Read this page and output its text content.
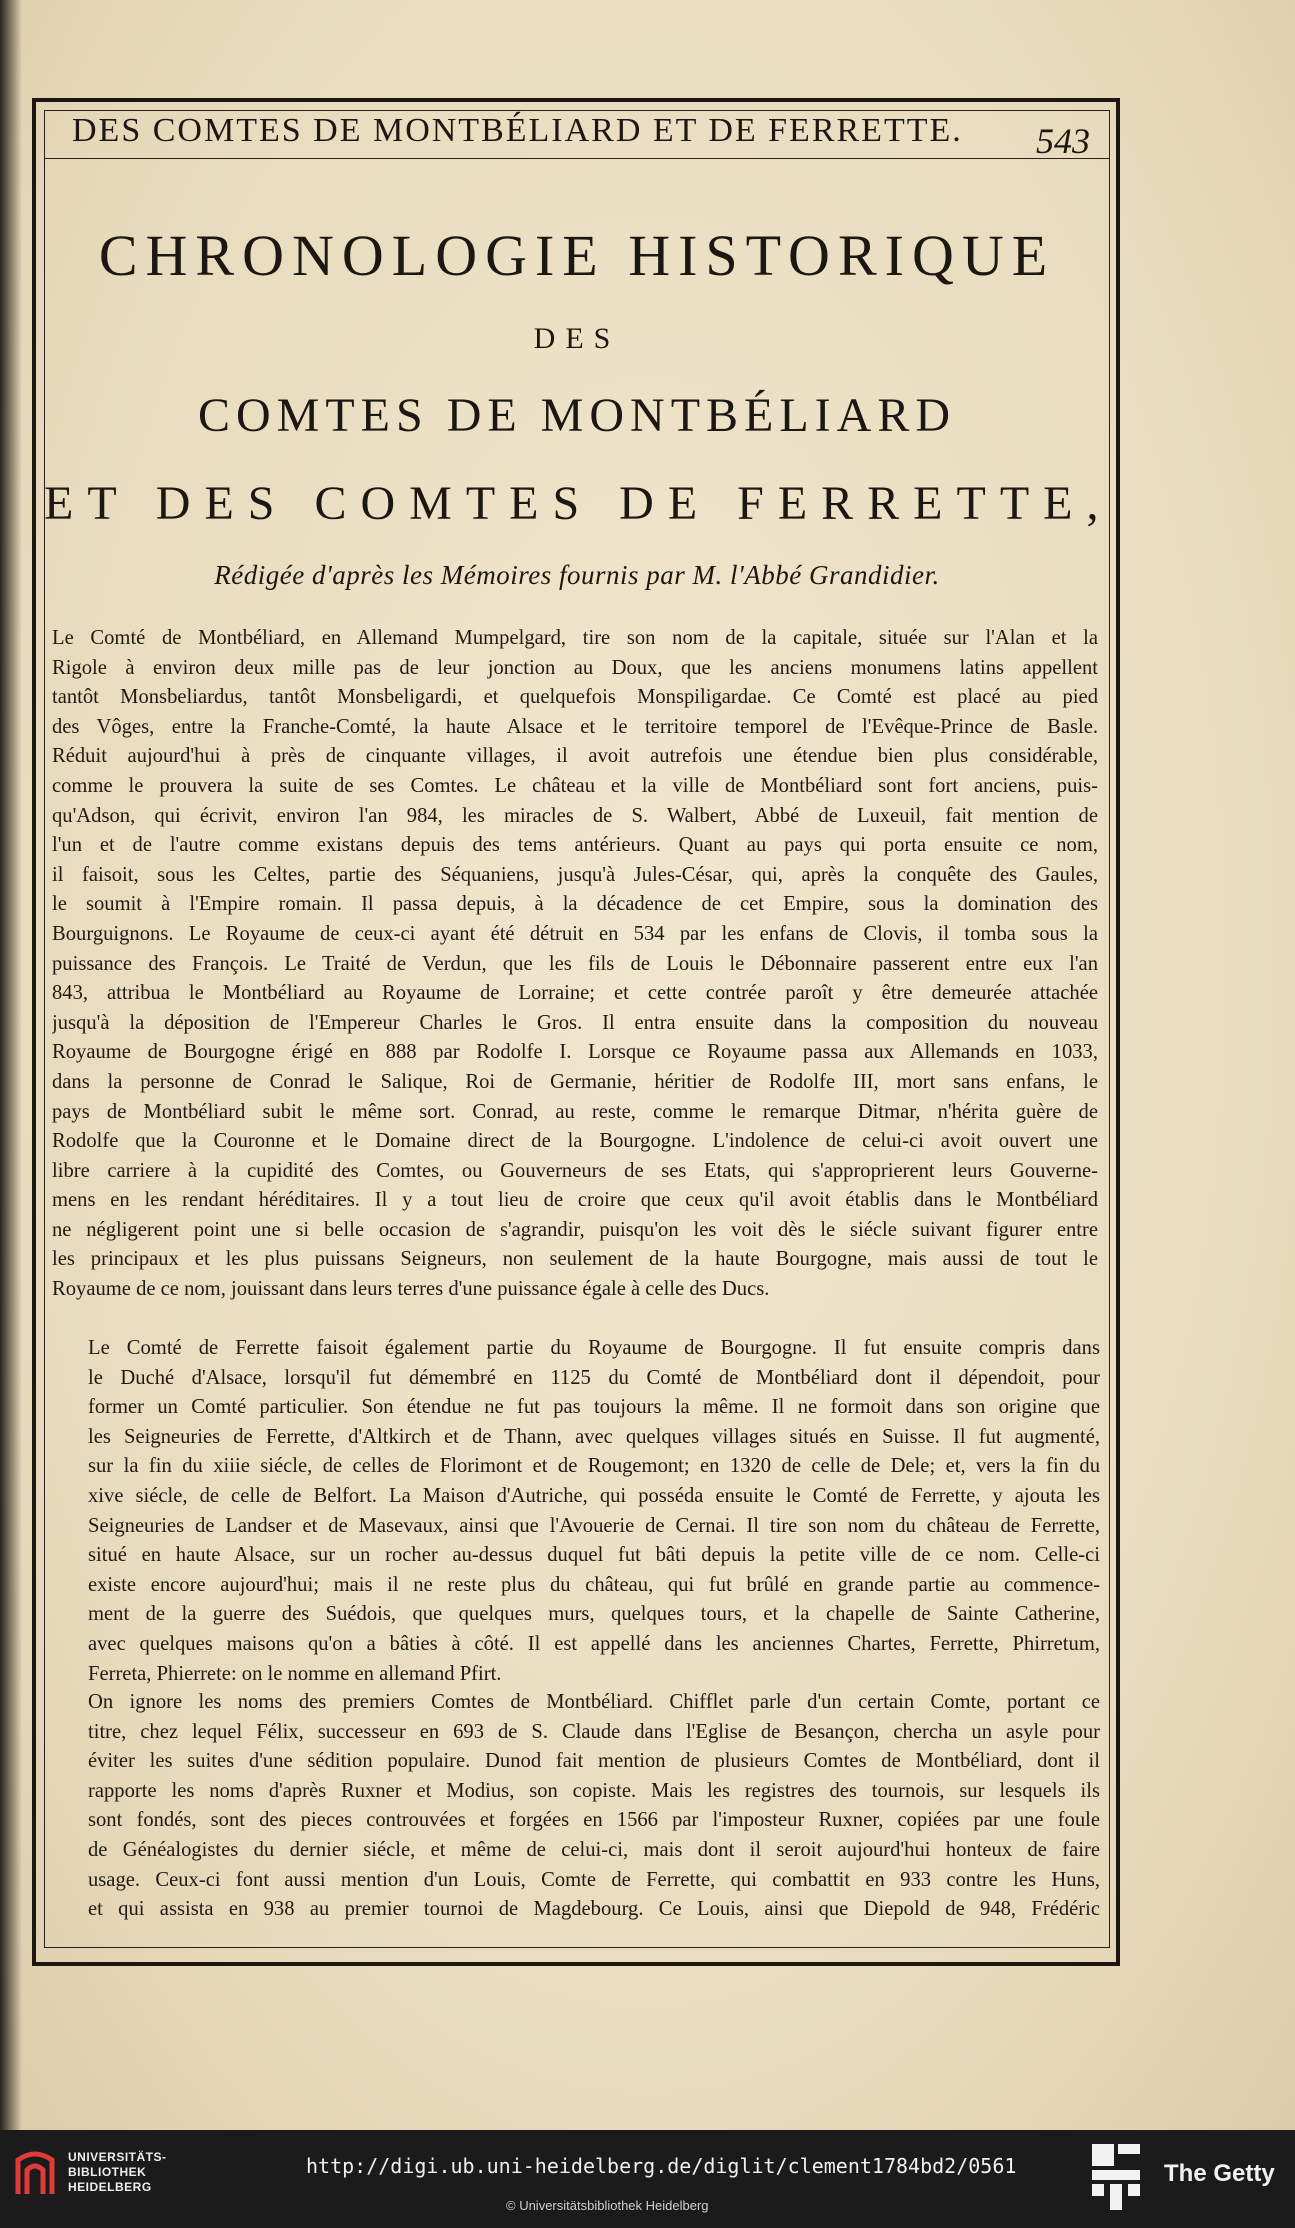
DES COMTES DE MONTBÉLIARD ET DE FERRETTE.	543
CHRONOLOGIE HISTORIQUE
DES
COMTES DE MONTBÉLIARD
ET DES COMTES DE FERRETTE,
Rédigée d'après les Mémoires fournis par M. l'Abbé Grandidier.
Le Comté de Montbéliard, en Allemand Mumpelgard, tire son nom de la capitale, située sur l'Alan et la
Rigole à environ deux mille pas de leur jonction au Doux, que les anciens monumens latins appellent
tantôt Monsbeliardus, tantôt Monsbeligardi, et quelquefois Monspiligardae. Ce Comté est placé au pied
des Vôges, entre la Franche-Comté, la haute Alsace et le territoire temporel de l'Evêque-Prince de Basle.
Réduit aujourd'hui à près de cinquante villages, il avoit autrefois une étendue bien plus considérable,
comme le prouvera la suite de ses Comtes. Le château et la ville de Montbéliard sont fort anciens, puis-
qu'Adson, qui écrivit, environ l'an 984, les miracles de S. Walbert, Abbé de Luxeuil, fait mention de
l'un et de l'autre comme existans depuis des tems antérieurs. Quant au pays qui porta ensuite ce nom,
il faisoit, sous les Celtes, partie des Séquaniens, jusqu'à Jules-César, qui, après la conquête des Gaules,
le soumit à l'Empire romain. Il passa depuis, à la décadence de cet Empire, sous la domination des
Bourguignons. Le Royaume de ceux-ci ayant été détruit en 534 par les enfans de Clovis, il tomba sous la
puissance des François. Le Traité de Verdun, que les fils de Louis le Débonnaire passerent entre eux l'an
843, attribua le Montbéliard au Royaume de Lorraine; et cette contrée paroît y être demeurée attachée
jusqu'à la déposition de l'Empereur Charles le Gros. Il entra ensuite dans la composition du nouveau
Royaume de Bourgogne érigé en 888 par Rodolfe I. Lorsque ce Royaume passa aux Allemands en 1033,
dans la personne de Conrad le Salique, Roi de Germanie, héritier de Rodolfe III, mort sans enfans, le
pays de Montbéliard subit le même sort. Conrad, au reste, comme le remarque Ditmar, n'hérita guère de
Rodolfe que la Couronne et le Domaine direct de la Bourgogne. L'indolence de celui-ci avoit ouvert une
libre carriere à la cupidité des Comtes, ou Gouverneurs de ses Etats, qui s'approprierent leurs Gouverne-
mens en les rendant héréditaires. Il y a tout lieu de croire que ceux qu'il avoit établis dans le Montbéliard
ne négligerent point une si belle occasion de s'agrandir, puisqu'on les voit dès le siécle suivant figurer entre
les principaux et les plus puissans Seigneurs, non seulement de la haute Bourgogne, mais aussi de tout le
Royaume de ce nom, jouissant dans leurs terres d'une puissance égale à celle des Ducs.
Le Comté de Ferrette faisoit également partie du Royaume de Bourgogne. Il fut ensuite compris dans
le Duché d'Alsace, lorsqu'il fut démembré en 1125 du Comté de Montbéliard dont il dépendoit, pour
former un Comté particulier. Son étendue ne fut pas toujours la même. Il ne formoit dans son origine que
les Seigneuries de Ferrette, d'Altkirch et de Thann, avec quelques villages situés en Suisse. Il fut augmenté,
sur la fin du xiiie siécle, de celles de Florimont et de Rougemont; en 1320 de celle de Dele; et, vers la fin du
xive siécle, de celle de Belfort. La Maison d'Autriche, qui posséda ensuite le Comté de Ferrette, y ajouta les
Seigneuries de Landser et de Masevaux, ainsi que l'Avouerie de Cernai. Il tire son nom du château de Ferrette,
situé en haute Alsace, sur un rocher au-dessus duquel fut bâti depuis la petite ville de ce nom. Celle-ci
existe encore aujourd'hui; mais il ne reste plus du château, qui fut brûlé en grande partie au commence-
ment de la guerre des Suédois, que quelques murs, quelques tours, et la chapelle de Sainte Catherine,
avec quelques maisons qu'on a bâties à côté. Il est appellé dans les anciennes Chartes, Ferrette, Phirretum,
Ferreta, Phierrete: on le nomme en allemand Pfirt.
On ignore les noms des premiers Comtes de Montbéliard. Chifflet parle d'un certain Comte, portant ce
titre, chez lequel Félix, successeur en 693 de S. Claude dans l'Eglise de Besançon, chercha un asyle pour
éviter les suites d'une sédition populaire. Dunod fait mention de plusieurs Comtes de Montbéliard, dont il
rapporte les noms d'après Ruxner et Modius, son copiste. Mais les registres des tournois, sur lesquels ils
sont fondés, sont des pieces controuvées et forgées en 1566 par l'imposteur Ruxner, copiées par une foule
de Généalogistes du dernier siécle, et même de celui-ci, mais dont il seroit aujourd'hui honteux de faire
usage. Ceux-ci font aussi mention d'un Louis, Comte de Ferrette, qui combattit en 933 contre les Huns,
et qui assista en 938 au premier tournoi de Magdebourg. Ce Louis, ainsi que Diepold de 948, Frédéric
UNIVERSITÄTS-
BIBLIOTHEK
HEIDELBERG
http://digi.ub.uni-heidelberg.de/diglit/clement1784bd2/0561
© Universitätsbibliothek Heidelberg
The Getty
